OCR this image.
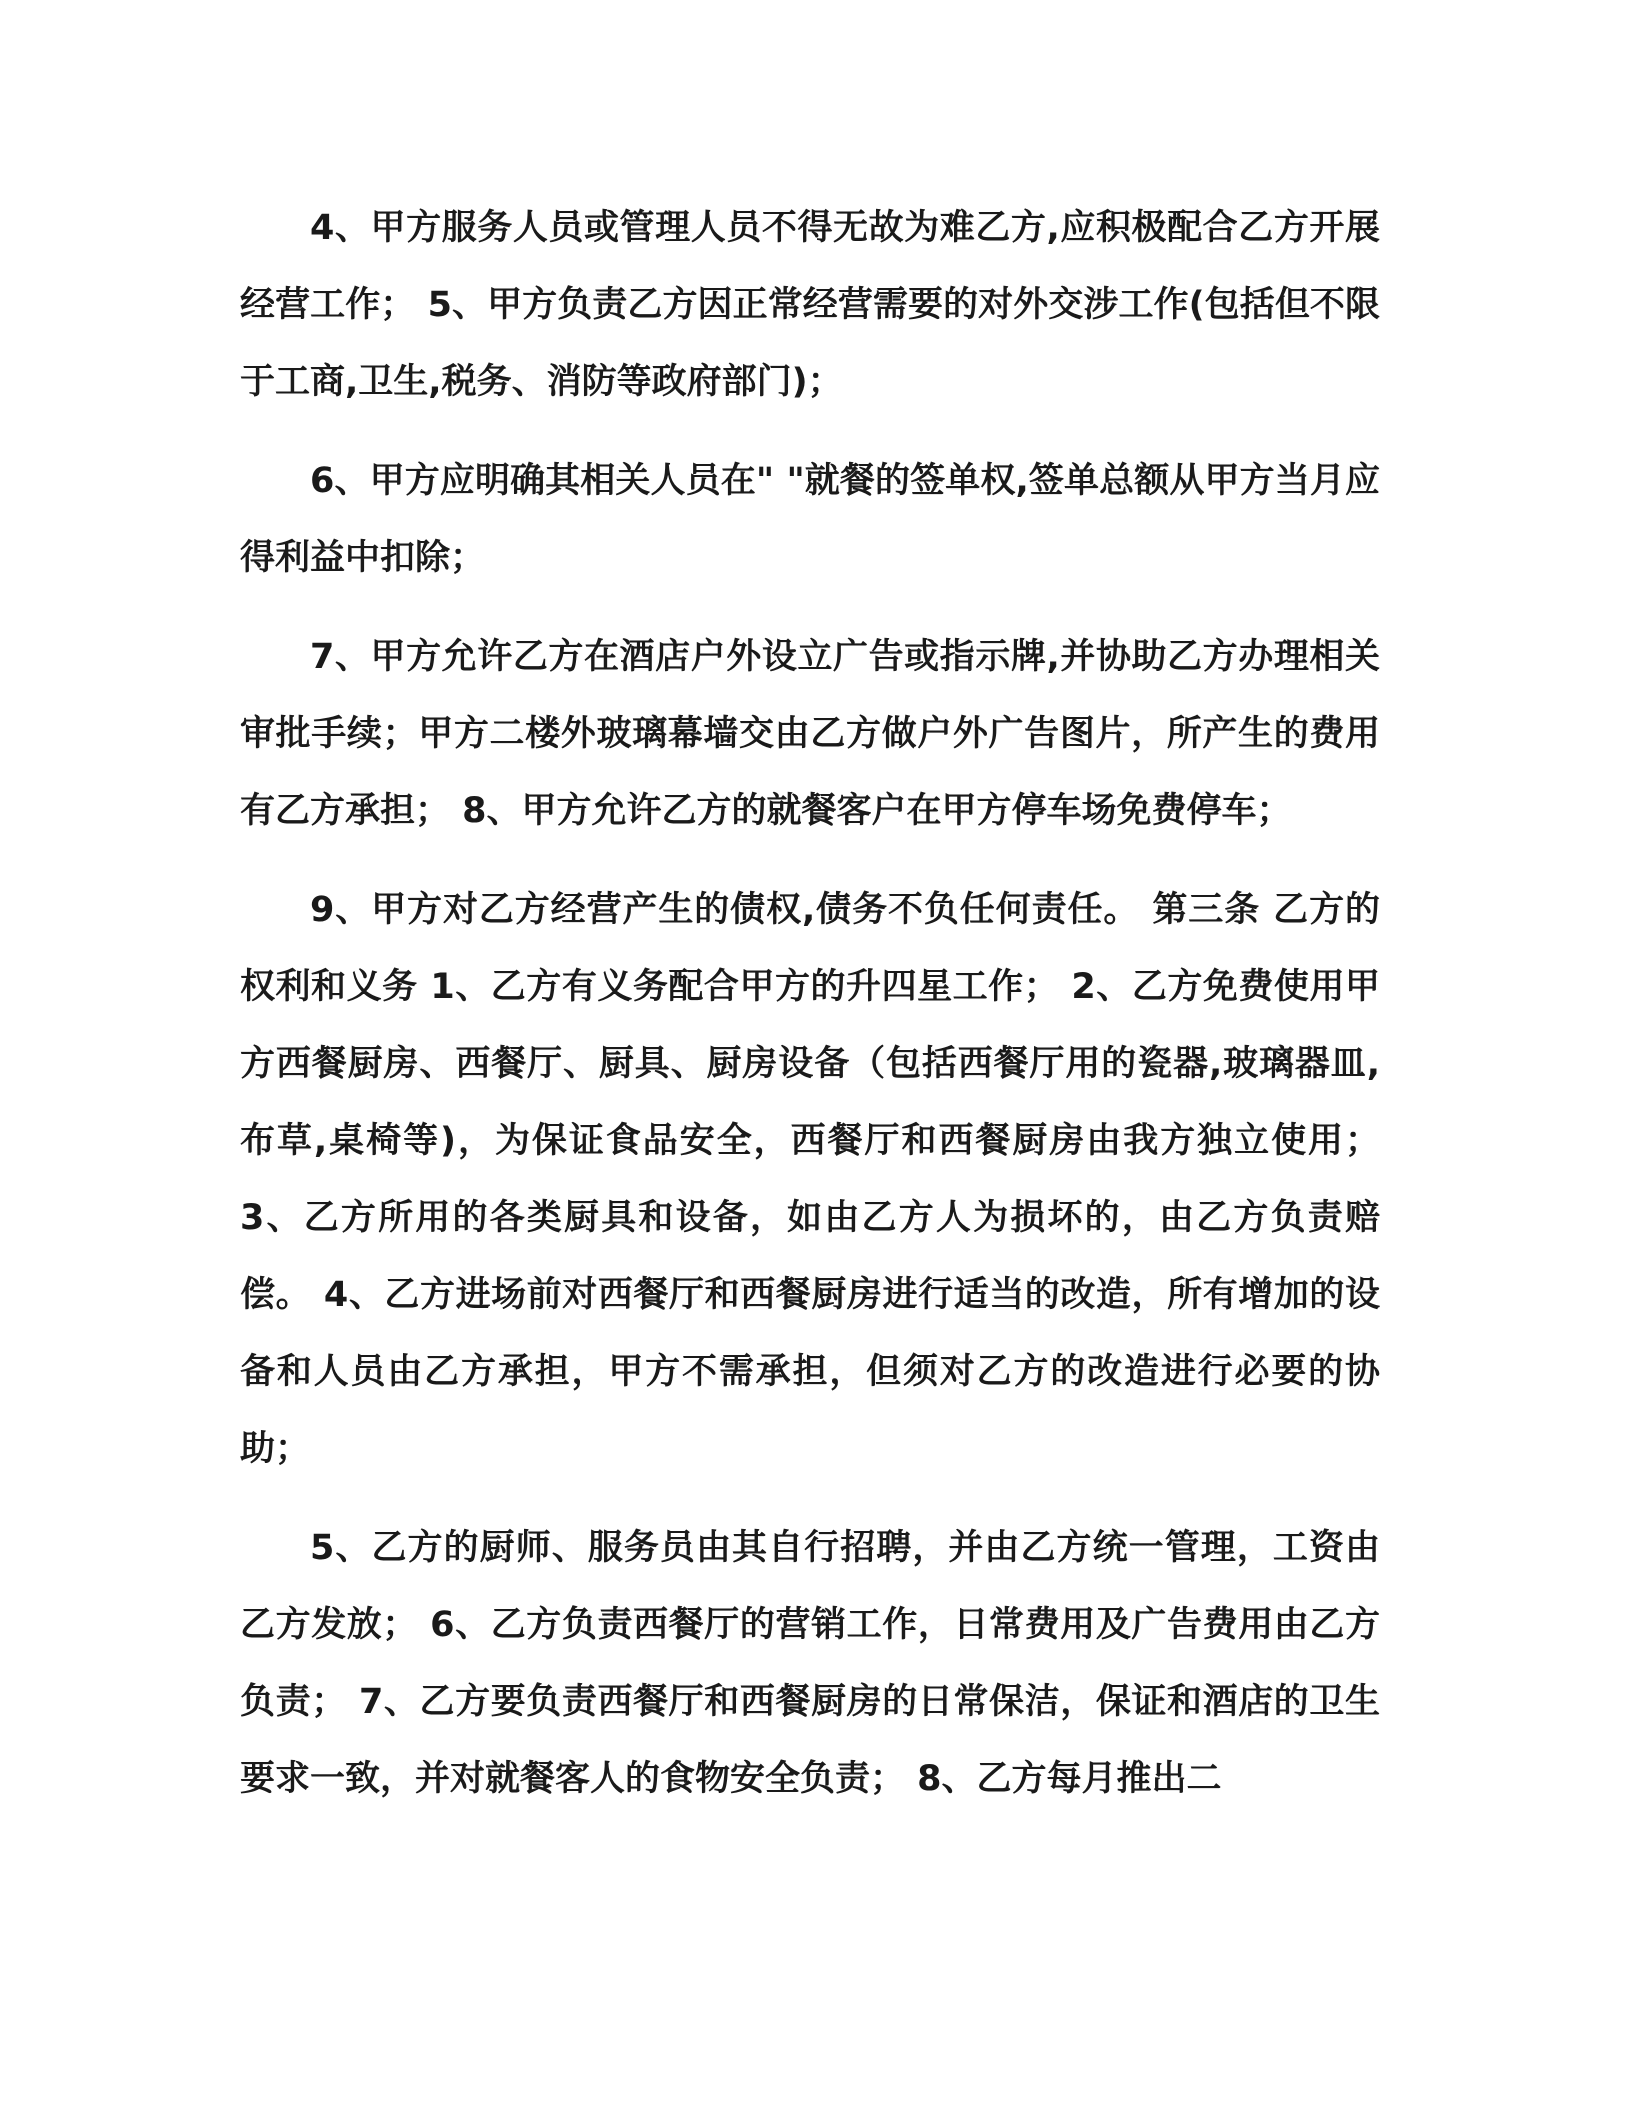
4、甲方服务人员或管理人员不得无故为难乙方,应积极配合乙方开展经营工作； 5、甲方负责乙方因正常经营需要的对外交涉工作(包括但不限于工商,卫生,税务、消防等政府部门)；

6、甲方应明确其相关人员在" "就餐的签单权,签单总额从甲方当月应得利益中扣除；

7、甲方允许乙方在酒店户外设立广告或指示牌,并协助乙方办理相关审批手续；甲方二楼外玻璃幕墙交由乙方做户外广告图片，所产生的费用有乙方承担； 8、甲方允许乙方的就餐客户在甲方停车场免费停车；

9、甲方对乙方经营产生的债权,债务不负任何责任。 第三条 乙方的权利和义务 1、乙方有义务配合甲方的升四星工作； 2、乙方免费使用甲方西餐厨房、西餐厅、厨具、厨房设备（包括西餐厅用的瓷器,玻璃器皿,布草,桌椅等)，为保证食品安全，西餐厅和西餐厨房由我方独立使用； 3、乙方所用的各类厨具和设备，如由乙方人为损坏的，由乙方负责赔偿。 4、乙方进场前对西餐厅和西餐厨房进行适当的改造，所有增加的设备和人员由乙方承担，甲方不需承担，但须对乙方的改造进行必要的协助；

5、乙方的厨师、服务员由其自行招聘，并由乙方统一管理，工资由乙方发放； 6、乙方负责西餐厅的营销工作，日常费用及广告费用由乙方负责； 7、乙方要负责西餐厅和西餐厨房的日常保洁，保证和酒店的卫生要求一致，并对就餐客人的食物安全负责； 8、乙方每月推出二
